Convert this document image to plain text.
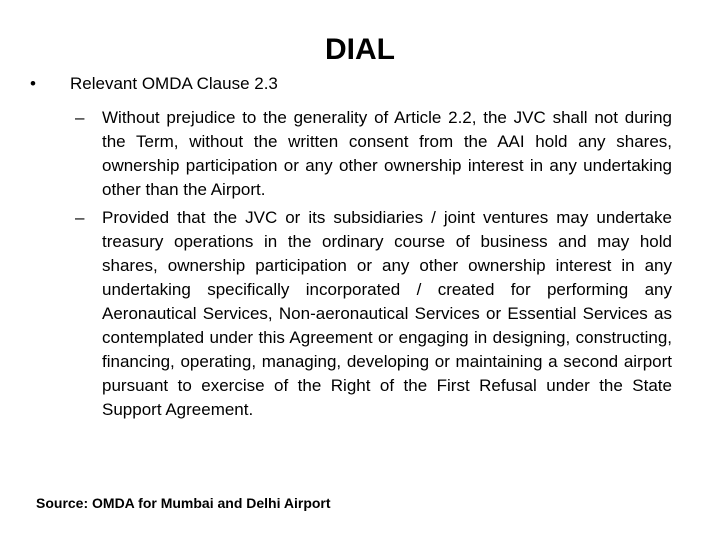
DIAL

• Relevant OMDA Clause 2.3

–	Without prejudice to the generality of Article 2.2, the JVC shall not during the Term, without the written consent from the AAI hold any shares, ownership participation or any other ownership interest in any undertaking other than the Airport.
–	Provided that the JVC or its subsidiaries / joint ventures may undertake treasury operations in the ordinary course of business and may hold shares, ownership participation or any other ownership interest in any undertaking specifically incorporated / created for performing any Aeronautical Services, Non-aeronautical Services or Essential Services as contemplated under this Agreement or engaging in designing, constructing, financing, operating, managing, developing or maintaining a second airport pursuant to exercise of the Right of the First Refusal under the State Support Agreement.

Source: OMDA for Mumbai and Delhi Airport
